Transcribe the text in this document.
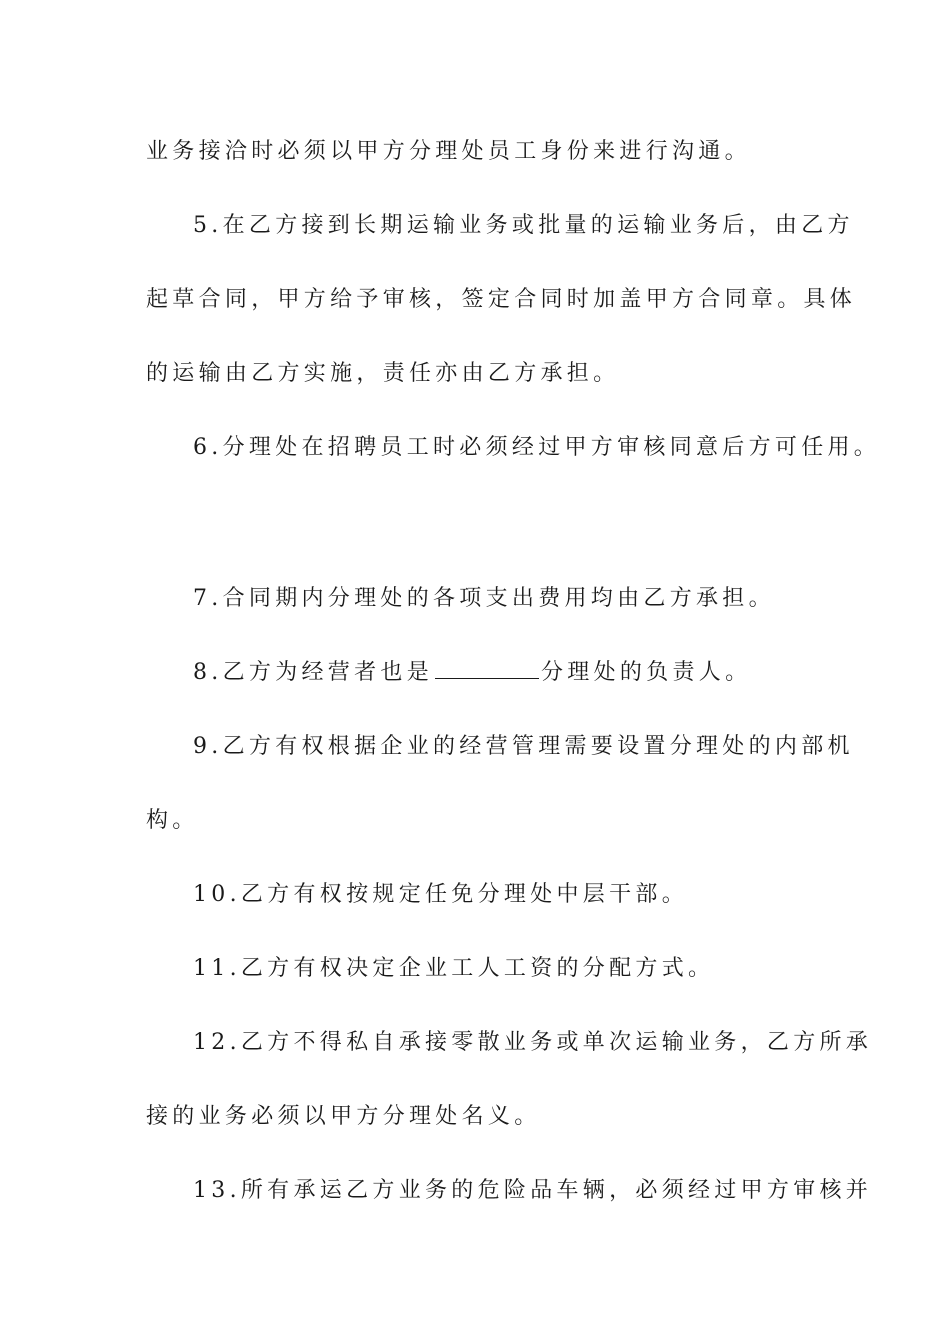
业务接洽时必须以甲方分理处员工身份来进行沟通。
5.在乙方接到长期运输业务或批量的运输业务后，由乙方
起草合同，甲方给予审核，签定合同时加盖甲方合同章。具体
的运输由乙方实施，责任亦由乙方承担。
6.分理处在招聘员工时必须经过甲方审核同意后方可任用。
7.合同期内分理处的各项支出费用均由乙方承担。
8.乙方为经营者也是	分理处的负责人。
9.乙方有权根据企业的经营管理需要设置分理处的内部机
构。
10.乙方有权按规定任免分理处中层干部。
11.乙方有权决定企业工人工资的分配方式。
12.乙方不得私自承接零散业务或单次运输业务，乙方所承
接的业务必须以甲方分理处名义。
13.所有承运乙方业务的危险品车辆，必须经过甲方审核并
